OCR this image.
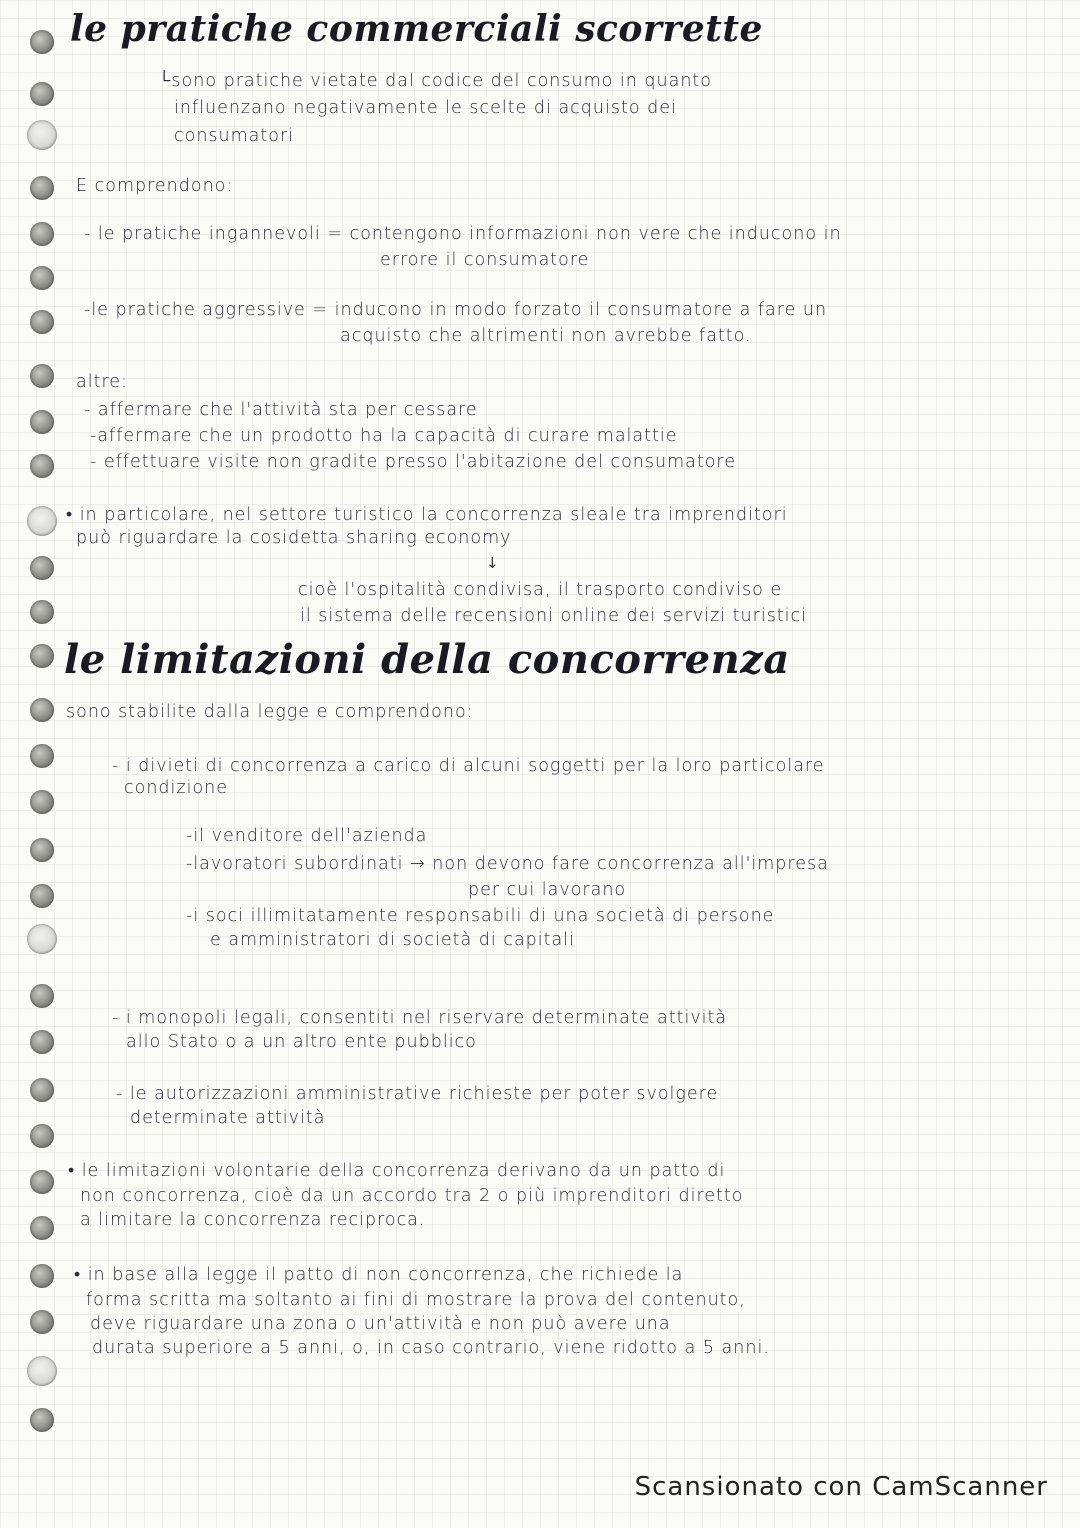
le pratiche commerciali scorrette
└sono pratiche vietate dal codice del consumo in quanto
influenzano negativamente le scelte di acquisto dei
consumatori
E comprendono:
- le pratiche ingannevoli = contengono informazioni non vere che inducono in
errore il consumatore
-le pratiche aggressive = inducono in modo forzato il consumatore a fare un
acquisto che altrimenti non avrebbe fatto.
altre:
- affermare che l'attività sta per cessare
-affermare che un prodotto ha la capacità di curare malattie
- effettuare visite non gradite presso l'abitazione del consumatore
• in particolare, nel settore turistico la concorrenza sleale tra imprenditori
può riguardare la cosidetta sharing economy
↓
cioè l'ospitalità condivisa, il trasporto condiviso e
il sistema delle recensioni online dei servizi turistici
le limitazioni della concorrenza
sono stabilite dalla legge e comprendono:
- i divieti di concorrenza a carico di alcuni soggetti per la loro particolare
condizione
-il venditore dell'azienda
-lavoratori subordinati → non devono fare concorrenza all'impresa
per cui lavorano
-i soci illimitatamente responsabili di una società di persone
e amministratori di società di capitali
- i monopoli legali, consentiti nel riservare determinate attività
allo Stato o a un altro ente pubblico
- le autorizzazioni amministrative richieste per poter svolgere
determinate attività
• le limitazioni volontarie della concorrenza derivano da un patto di
non concorrenza, cioè da un accordo tra 2 o più imprenditori diretto
a limitare la concorrenza reciproca.
• in base alla legge il patto di non concorrenza, che richiede la
forma scritta ma soltanto ai fini di mostrare la prova del contenuto,
deve riguardare una zona o un'attività e non può avere una
durata superiore a 5 anni, o, in caso contrario, viene ridotto a 5 anni.
Scansionato con CamScanner
